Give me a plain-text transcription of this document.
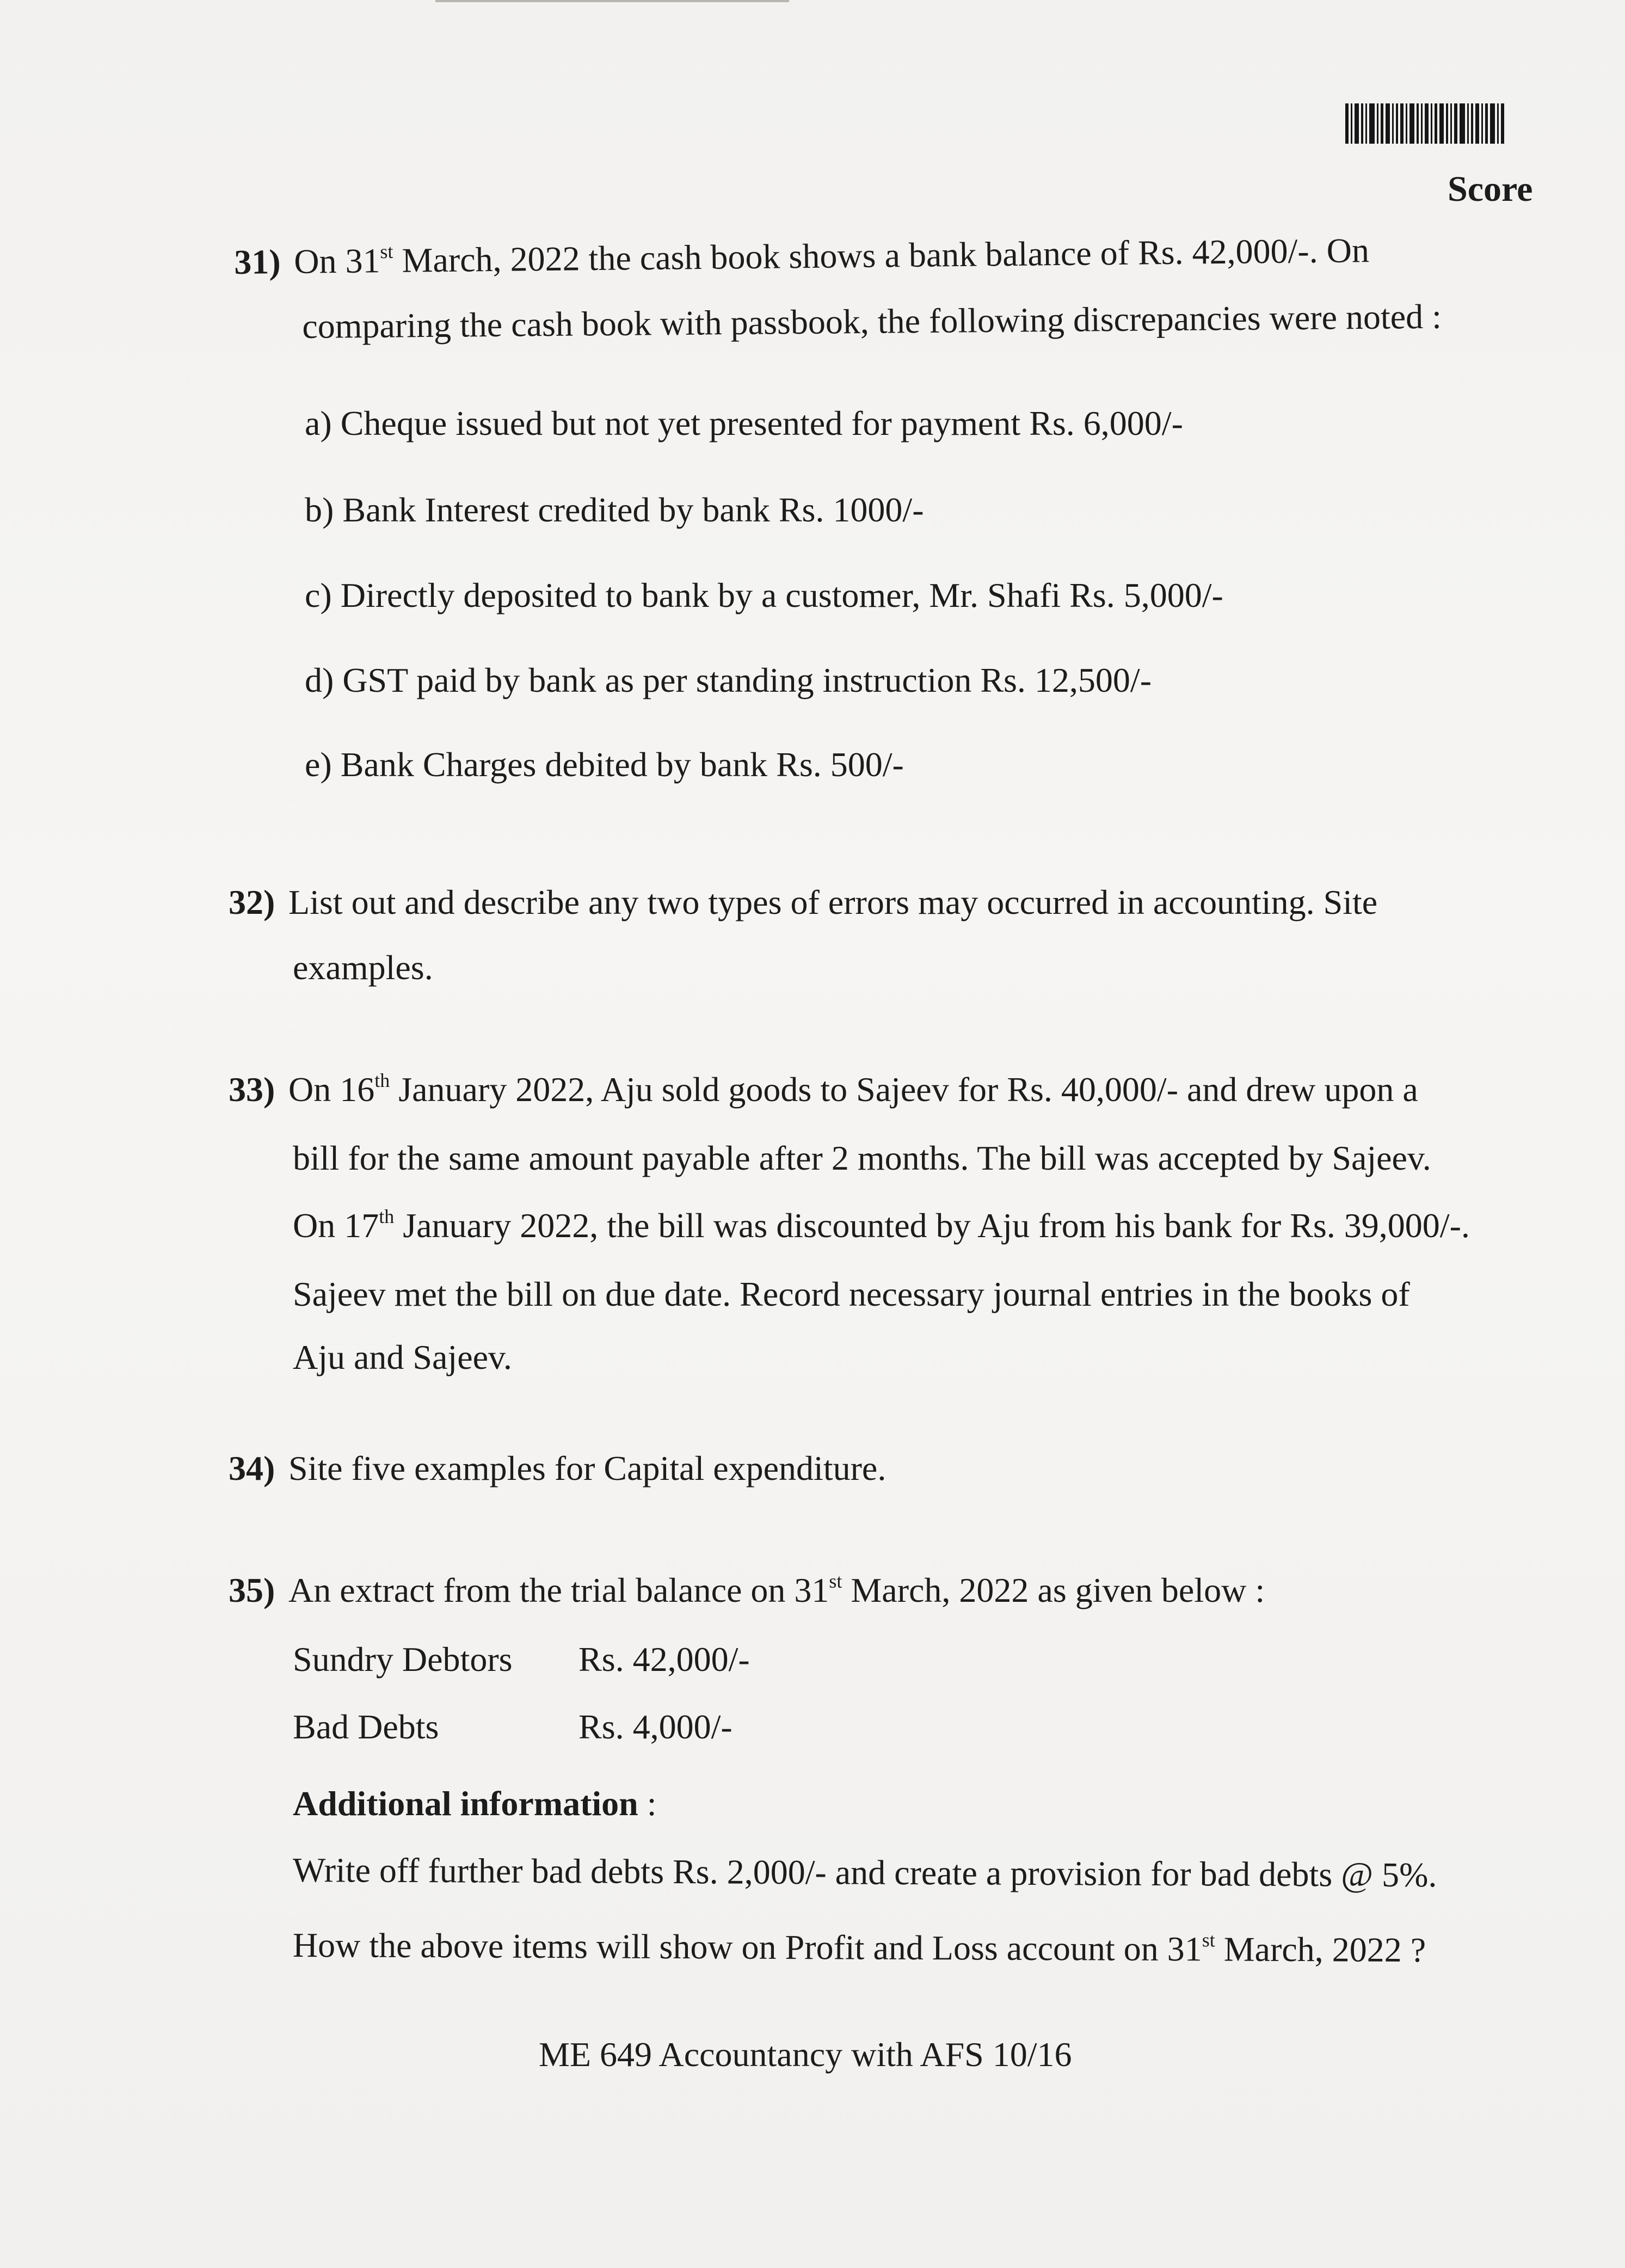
Score
31) On 31st March, 2022 the cash book shows a bank balance of Rs. 42,000/-. On
comparing the cash book with passbook, the following discrepancies were noted :
a) Cheque issued but not yet presented for payment Rs. 6,000/-
b) Bank Interest credited by bank Rs. 1000/-
c) Directly deposited to bank by a customer, Mr. Shafi Rs. 5,000/-
d) GST paid by bank as per standing instruction Rs. 12,500/-
e) Bank Charges debited by bank Rs. 500/-
32) List out and describe any two types of errors may occurred in accounting. Site
examples.
33) On 16th January 2022, Aju sold goods to Sajeev for Rs. 40,000/- and drew upon a
bill for the same amount payable after 2 months. The bill was accepted by Sajeev.
On 17th January 2022, the bill was discounted by Aju from his bank for Rs. 39,000/-.
Sajeev met the bill on due date. Record necessary journal entries in the books of
Aju and Sajeev.
34) Site five examples for Capital expenditure.
35) An extract from the trial balance on 31st March, 2022 as given below :
Sundry Debtors Rs. 42,000/-
Bad Debts	Rs. 4,000/-
Additional information :
Write off further bad debts Rs. 2,000/- and create a provision for bad debts @ 5%.
How the above items will show on Profit and Loss account on 31st March, 2022 ?
ME 649 Accountancy with AFS 10/16
